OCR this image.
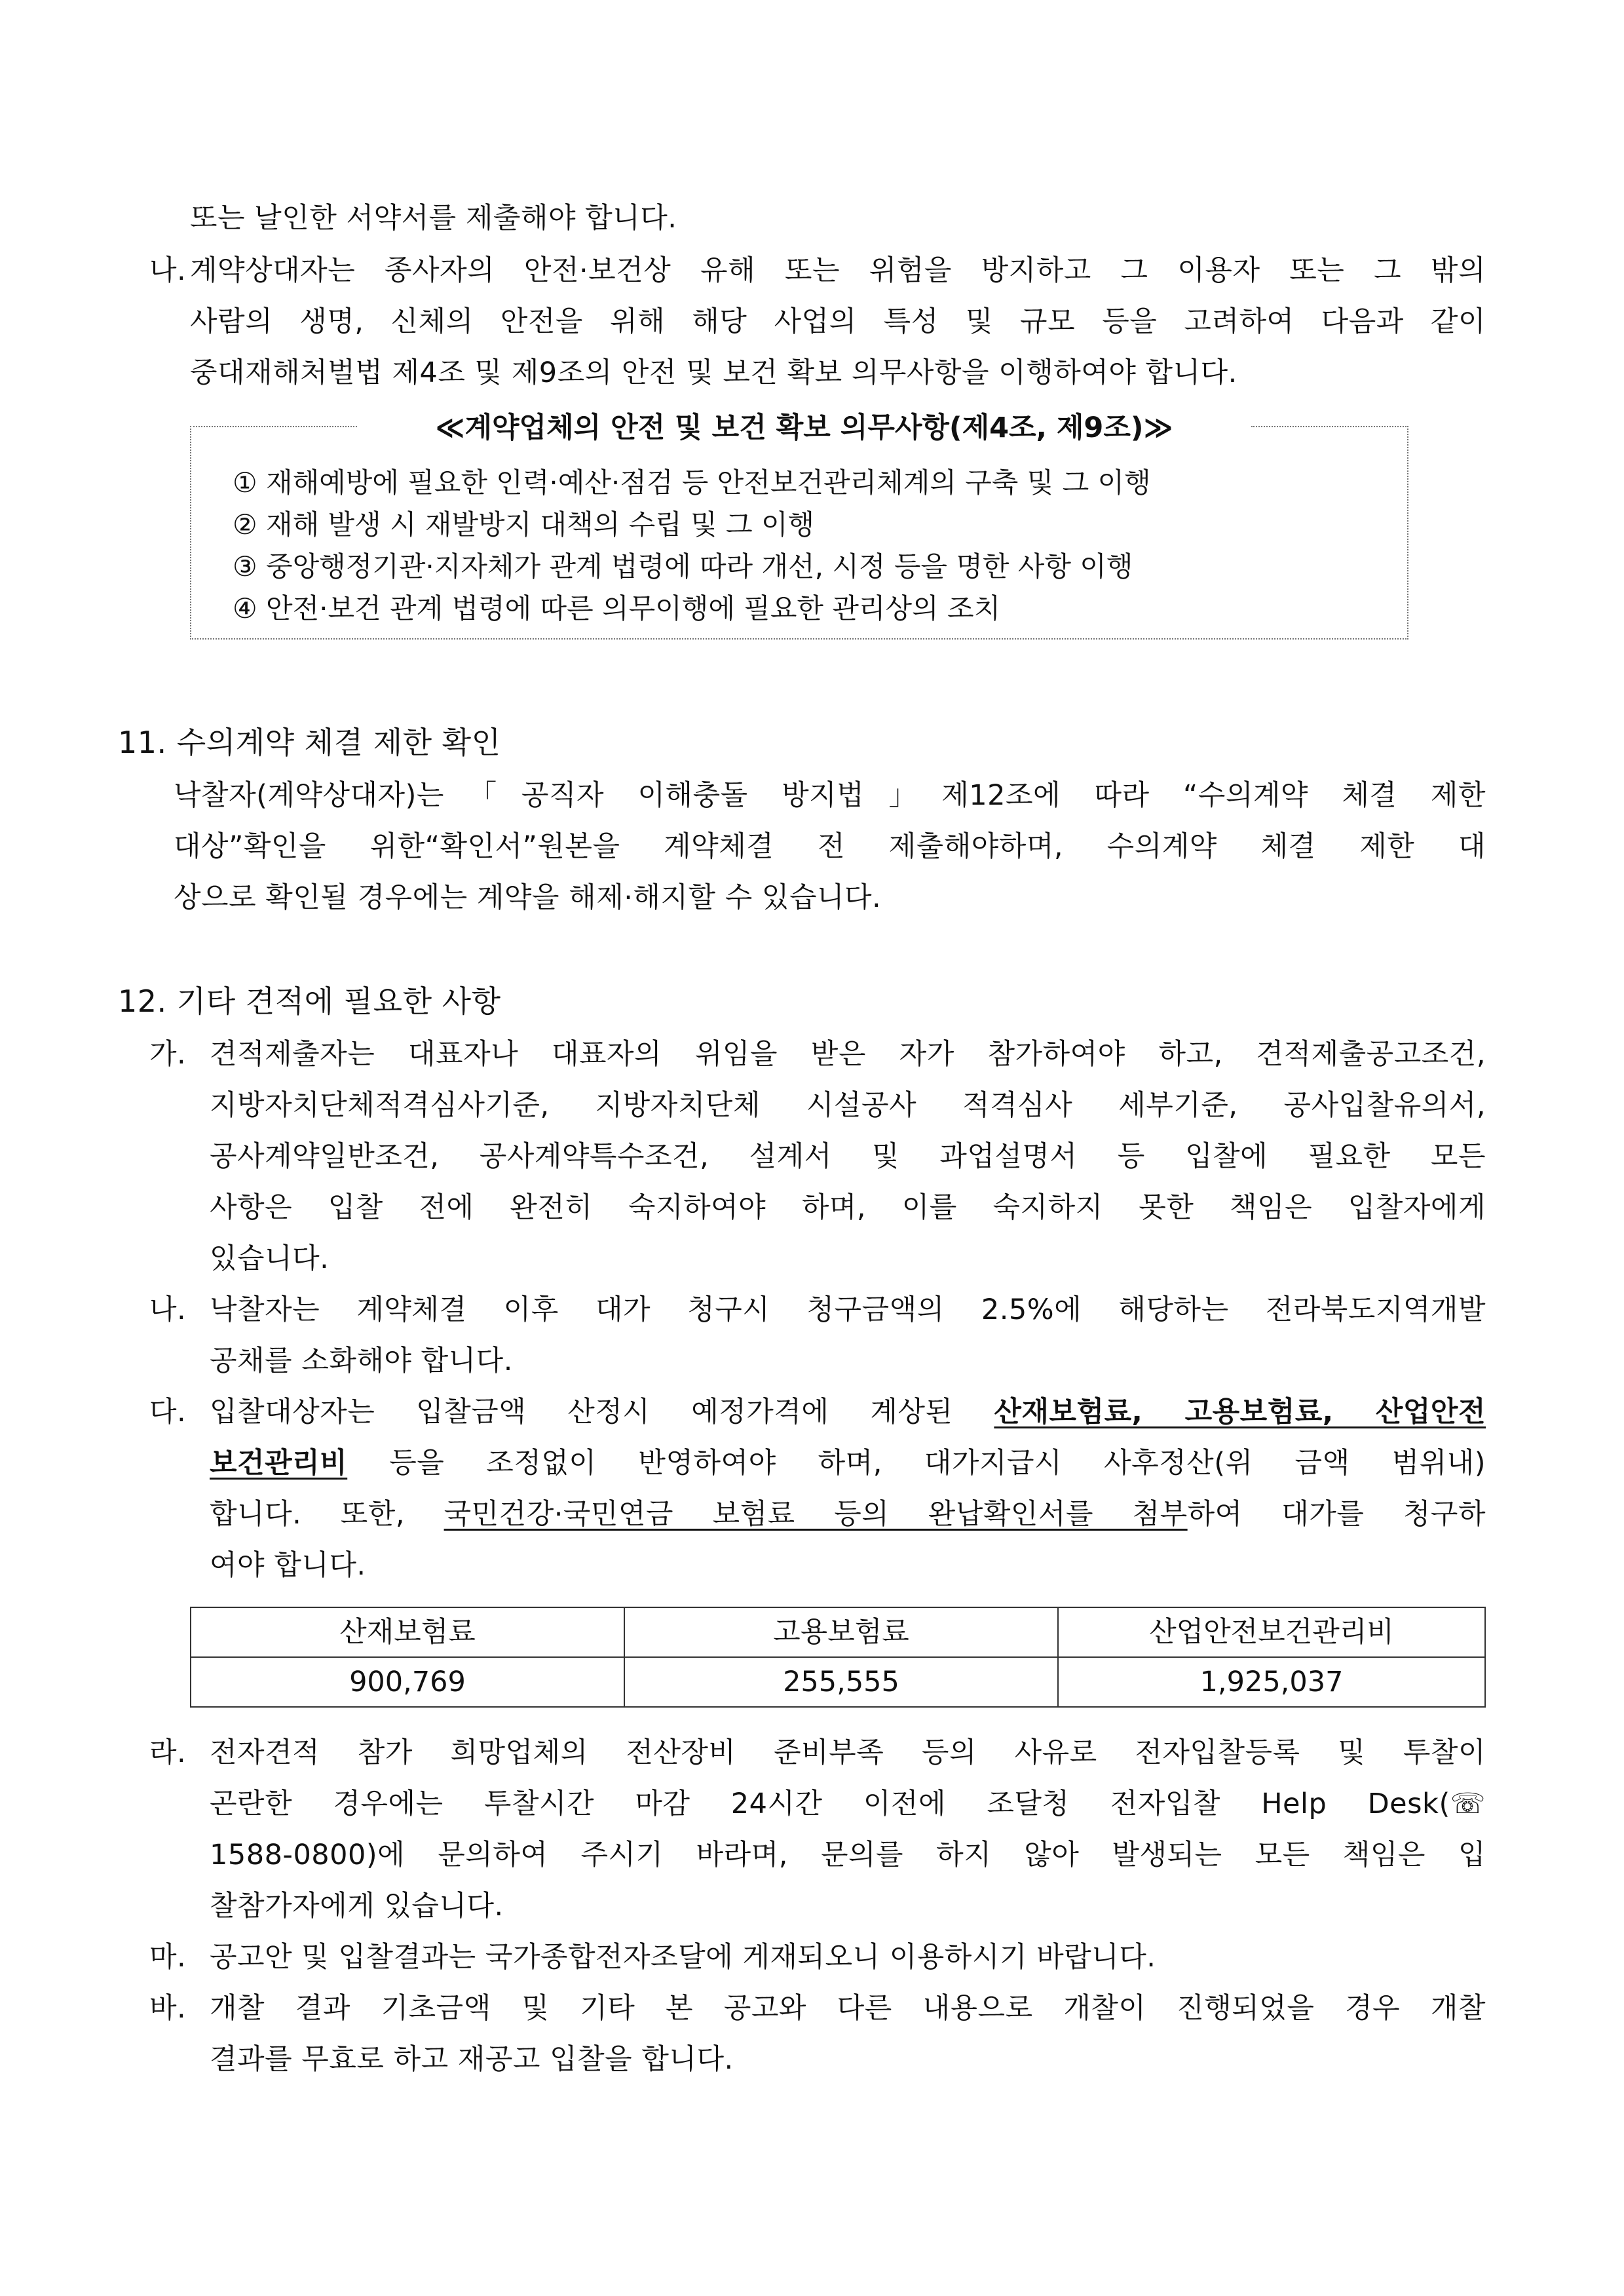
또는 날인한 서약서를 제출해야 합니다.
나. 계약상대자는 종사자의 안전·보건상 유해 또는 위험을 방지하고 그 이용자 또는 그 밖의
사람의 생명, 신체의 안전을 위해 해당 사업의 특성 및 규모 등을 고려하여 다음과 같이
중대재해처벌법 제4조 및 제9조의 안전 및 보건 확보 의무사항을 이행하여야 합니다.
≪계약업체의 안전 및 보건 확보 의무사항(제4조, 제9조)≫
① 재해예방에 필요한 인력·예산·점검 등 안전보건관리체계의 구축 및 그 이행
② 재해 발생 시 재발방지 대책의 수립 및 그 이행
③ 중앙행정기관·지자체가 관계 법령에 따라 개선, 시정 등을 명한 사항 이행
④ 안전·보건 관계 법령에 따른 의무이행에 필요한 관리상의 조치
11. 수의계약 체결 제한 확인
낙찰자(계약상대자)는「공직자 이해충돌 방지법」제12조에 따라 “수의계약 체결 제한
대상”확인을 위한“확인서”원본을 계약체결 전 제출해야하며, 수의계약 체결 제한 대
상으로 확인될 경우에는 계약을 해제·해지할 수 있습니다.
12. 기타 견적에 필요한 사항
가. 견적제출자는 대표자나 대표자의 위임을 받은 자가 참가하여야 하고, 견적제출공고조건,
지방자치단체적격심사기준, 지방자치단체 시설공사 적격심사 세부기준, 공사입찰유의서,
공사계약일반조건, 공사계약특수조건, 설계서 및 과업설명서 등 입찰에 필요한 모든
사항은 입찰 전에 완전히 숙지하여야 하며, 이를 숙지하지 못한 책임은 입찰자에게
있습니다.
나. 낙찰자는 계약체결 이후 대가 청구시 청구금액의 2.5%에 해당하는 전라북도지역개발
공채를 소화해야 합니다.
다. 입찰대상자는 입찰금액 산정시 예정가격에 계상된 산재보험료, 고용보험료, 산업안전
보건관리비 등을 조정없이 반영하여야 하며, 대가지급시 사후정산(위 금액 범위내)
합니다. 또한, 국민건강·국민연금 보험료 등의 완납확인서를 첨부하여 대가를 청구하
여야 합니다.
산재보험료	고용보험료	산업안전보건관리비
900,769	255,555	1,925,037
라. 전자견적 참가 희망업체의 전산장비 준비부족 등의 사유로 전자입찰등록 및 투찰이
곤란한 경우에는 투찰시간 마감 24시간 이전에 조달청 전자입찰 Help Desk(☏
1588-0800)에 문의하여 주시기 바라며, 문의를 하지 않아 발생되는 모든 책임은 입
찰참가자에게 있습니다.
마. 공고안 및 입찰결과는 국가종합전자조달에 게재되오니 이용하시기 바랍니다.
바. 개찰 결과 기초금액 및 기타 본 공고와 다른 내용으로 개찰이 진행되었을 경우 개찰
결과를 무효로 하고 재공고 입찰을 합니다.
